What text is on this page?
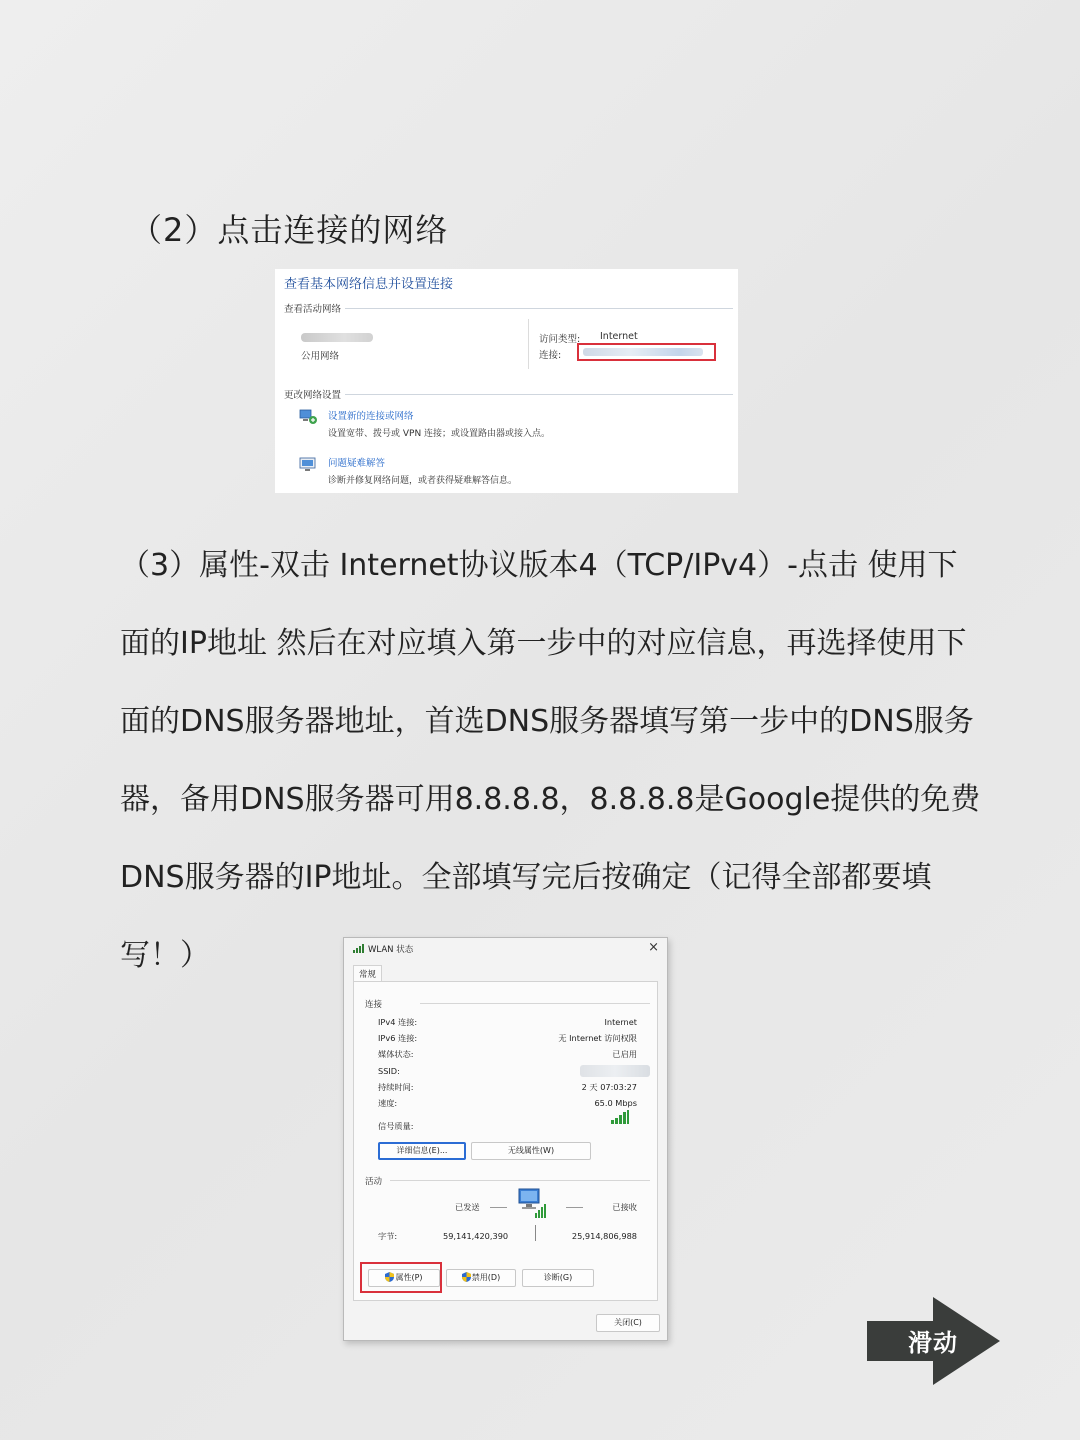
（2）点击连接的网络
查看基本网络信息并设置连接
查看活动网络
公用网络
访问类型: Internet
连接:
更改网络设置
设置新的连接或网络
设置宽带、拨号或 VPN 连接；或设置路由器或接入点。
问题疑难解答
诊断并修复网络问题，或者获得疑难解答信息。
（3）属性-双击 Internet协议版本4（TCP/IPv4）-点击 使用下
面的IP地址 然后在对应填入第一步中的对应信息，再选择使用下
面的DNS服务器地址，首选DNS服务器填写第一步中的DNS服务
器，备用DNS服务器可用8.8.8.8，8.8.8.8是Google提供的免费
DNS服务器的IP地址。全部填写完后按确定（记得全部都要填
写！）	WLAN 状态	×
常规
连接
IPv4 连接:	Internet
IPv6 连接:	无 Internet 访问权限
媒体状态:	已启用
SSID:
持续时间:	2 天 07:03:27
速度:	65.0 Mbps
信号质量:
详细信息(E)...	无线属性(W)
活动
已发送	已接收
字节:	59,141,420,390	25,914,806,988
属性(P)	禁用(D)	诊断(G)
关闭(C)
滑动
